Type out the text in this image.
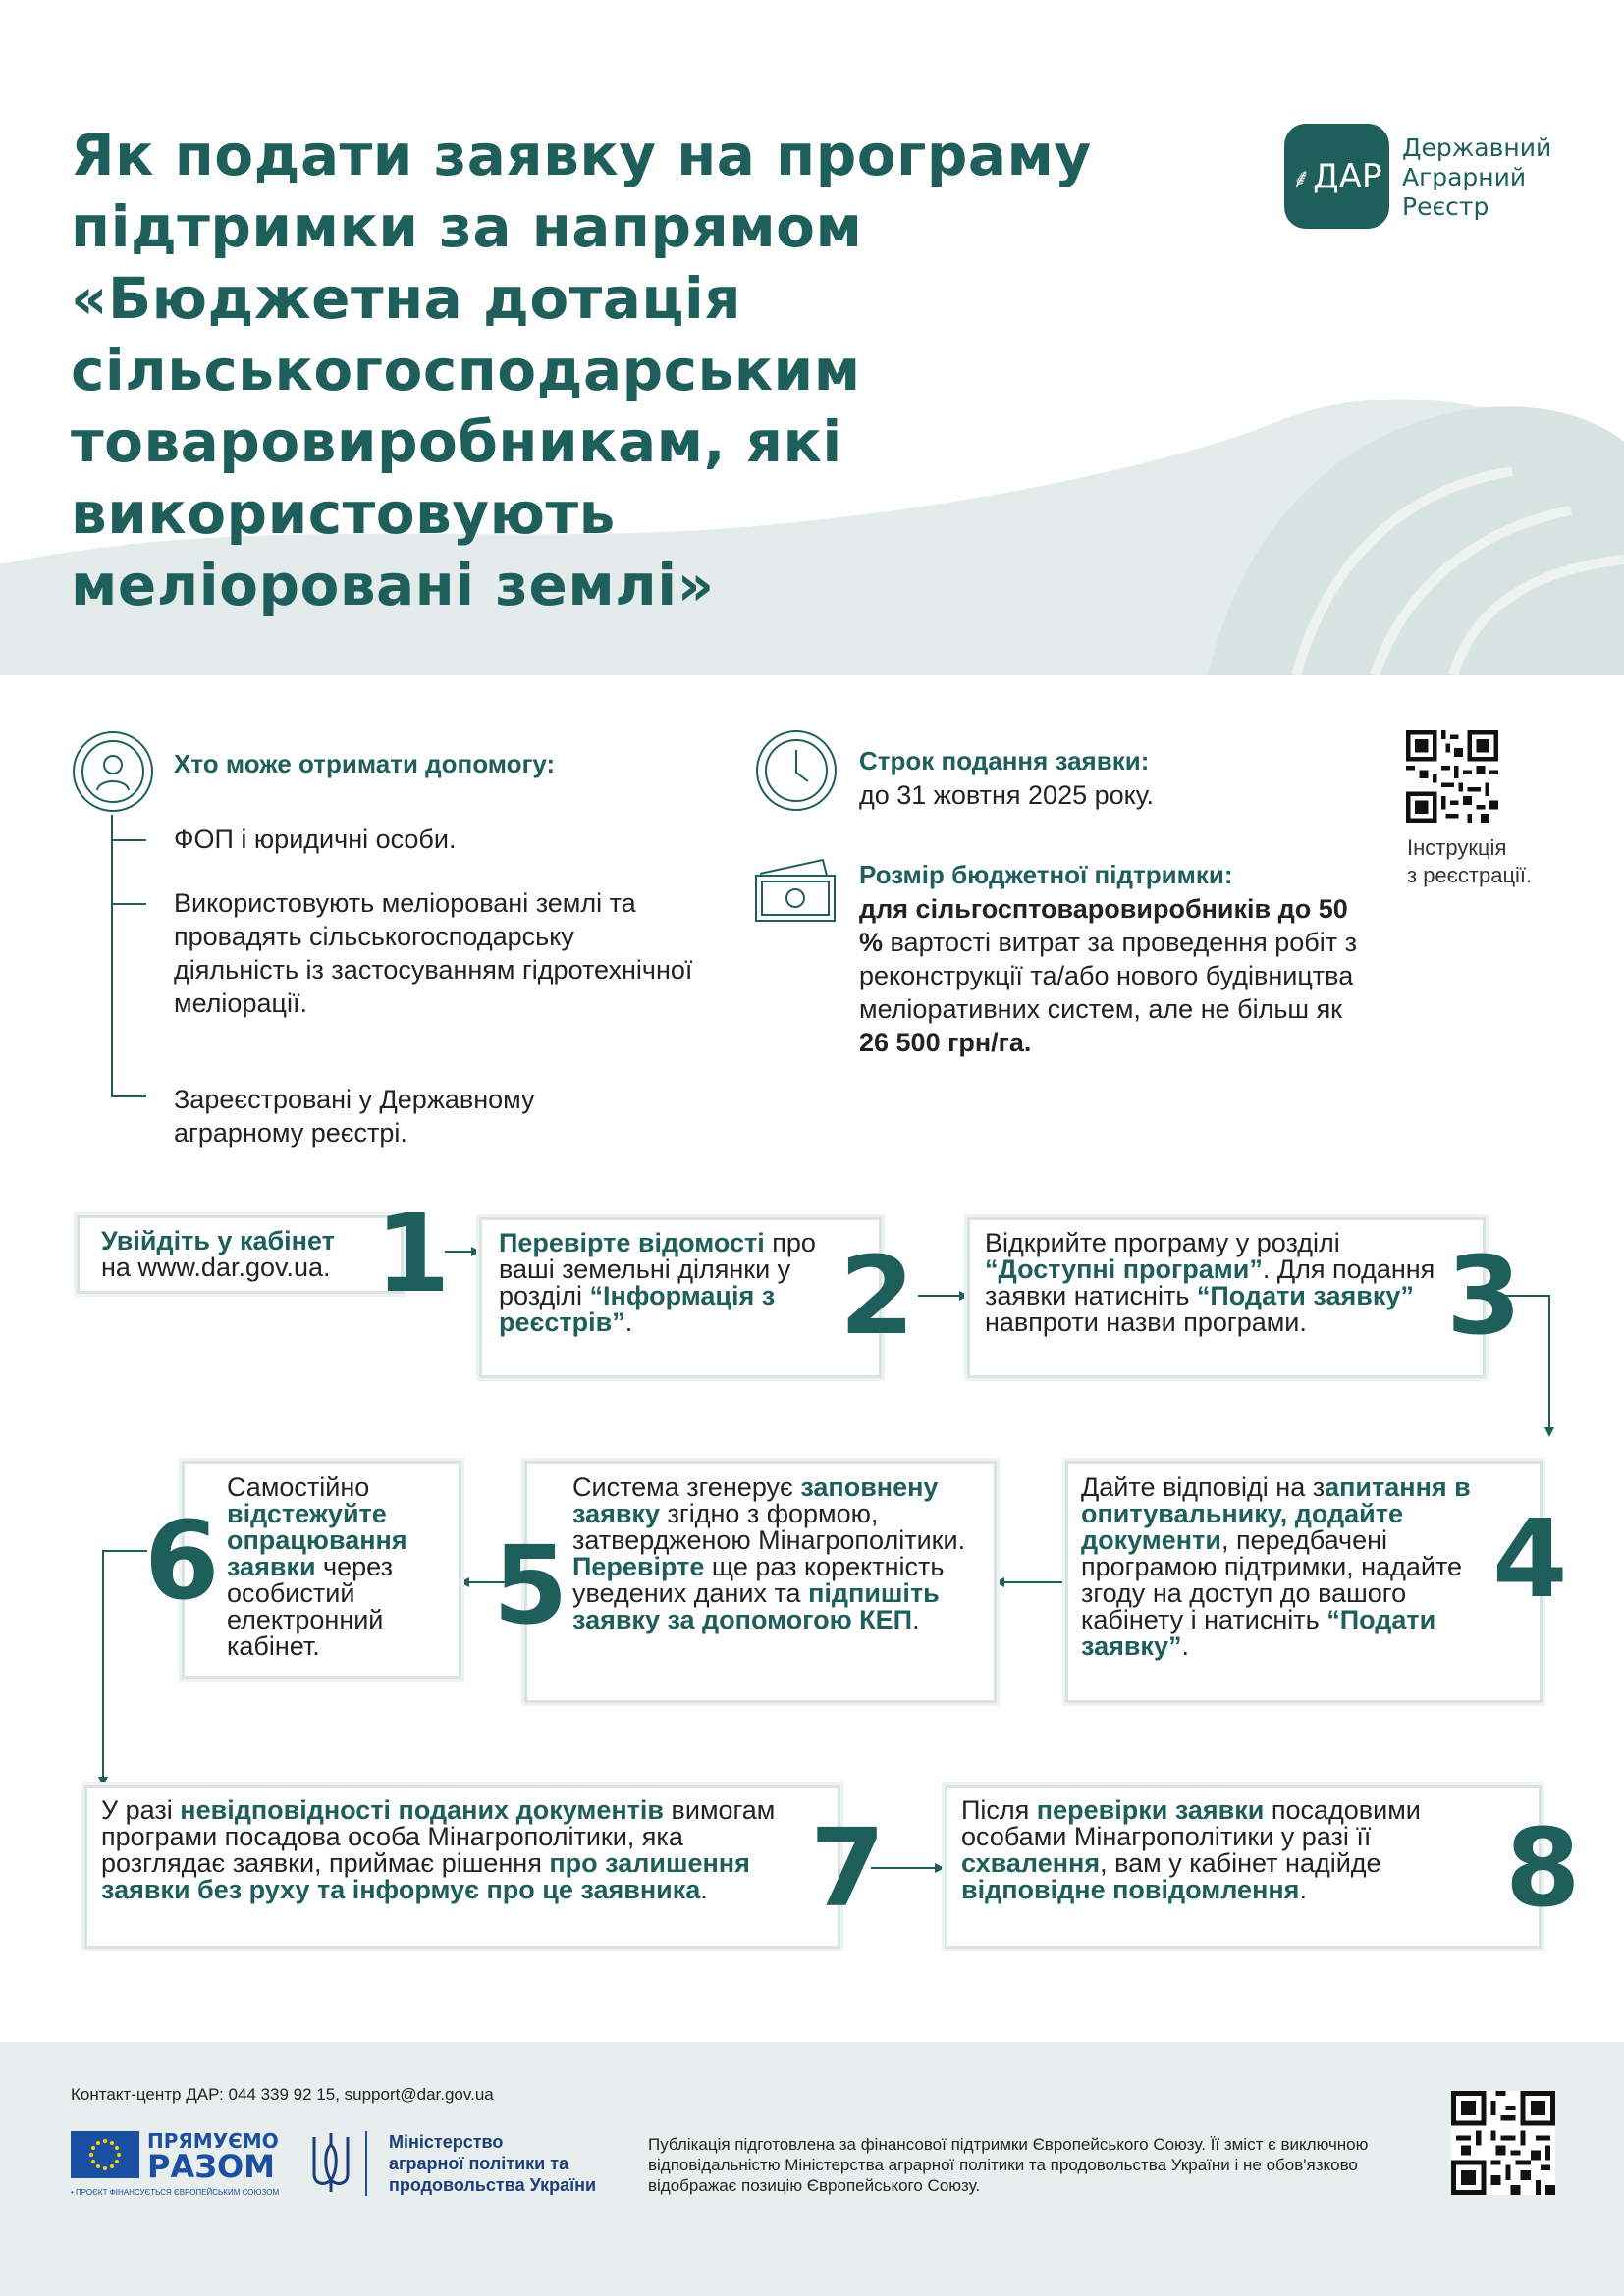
Як подати заявку на програму
підтримки за напрямом
«Бюджетна дотація
сільськогосподарським
товаровиробникам, які
використовують
меліоровані землі»
⸙ ДАР
Державний
Аграрний
Реєстр
Хто може отримати допомогу:
ФОП і юридичні особи.
Використовують меліоровані землі та провадять сільськогосподарську діяльність із застосуванням гідротехнічної меліорації.
Зареєстровані у Державному аграрному реєстрі.
Строк подання заявки:
до 31 жовтня 2025 року.
Розмір бюджетної підтримки:
для сільгосптоваровиробників до 50 % вартості витрат за проведення робіт з реконструкції та/або нового будівництва меліоративних систем, але не більш як 26 500 грн/га.
Інструкція
з реєстрації.
Увійдіть у кабінет
на www.dar.gov.ua. 1 Перевірте відомості про ваші земельні ділянки у розділі “Інформація з реєстрів”.	2	Відкрийте програму у розділі “Доступні програми”. Для подання заявки натисніть “Подати заявку” навпроти назви програми.	3
Дайте відповіді на запитання в опитувальнику, додайте документи, передбачені програмою підтримки, надайте згоду на доступ до вашого кабінету і натисніть “Подати заявку”.
4
Система згенерує заповнену заявку згідно з формою, затвердженою Мінагрополітики. Перевірте ще раз коректність уведених даних та підпишіть заявку за допомогою КЕП.
5
Самостійно відстежуйте опрацювання заявки через особистий електронний кабінет.
6
У разі невідповідності поданих документів вимогам програми посадова особа Мінагрополітики, яка розглядає заявки, приймає рішення про залишення заявки без руху та інформує про це заявника. 7	Після перевірки заявки посадовими особами Мінагрополітики у разі її схвалення, вам у кабінет надійде відповідне повідомлення.	8
Контакт-центр ДАР: 044 339 92 15, support@dar.gov.ua
ПРЯМУЄМО
РАЗОМ
• ПРОЄКТ ФІНАНСУЄТЬСЯ ЄВРОПЕЙСЬКИМ СОЮЗОМ
Міністерство
аграрної політики та
продовольства України
Публікація підготовлена за фінансової підтримки Європейського Союзу. Її зміст є виключною відповідальністю Міністерства аграрної політики та продовольства України і не обов'язково відображає позицію Європейського Союзу.
